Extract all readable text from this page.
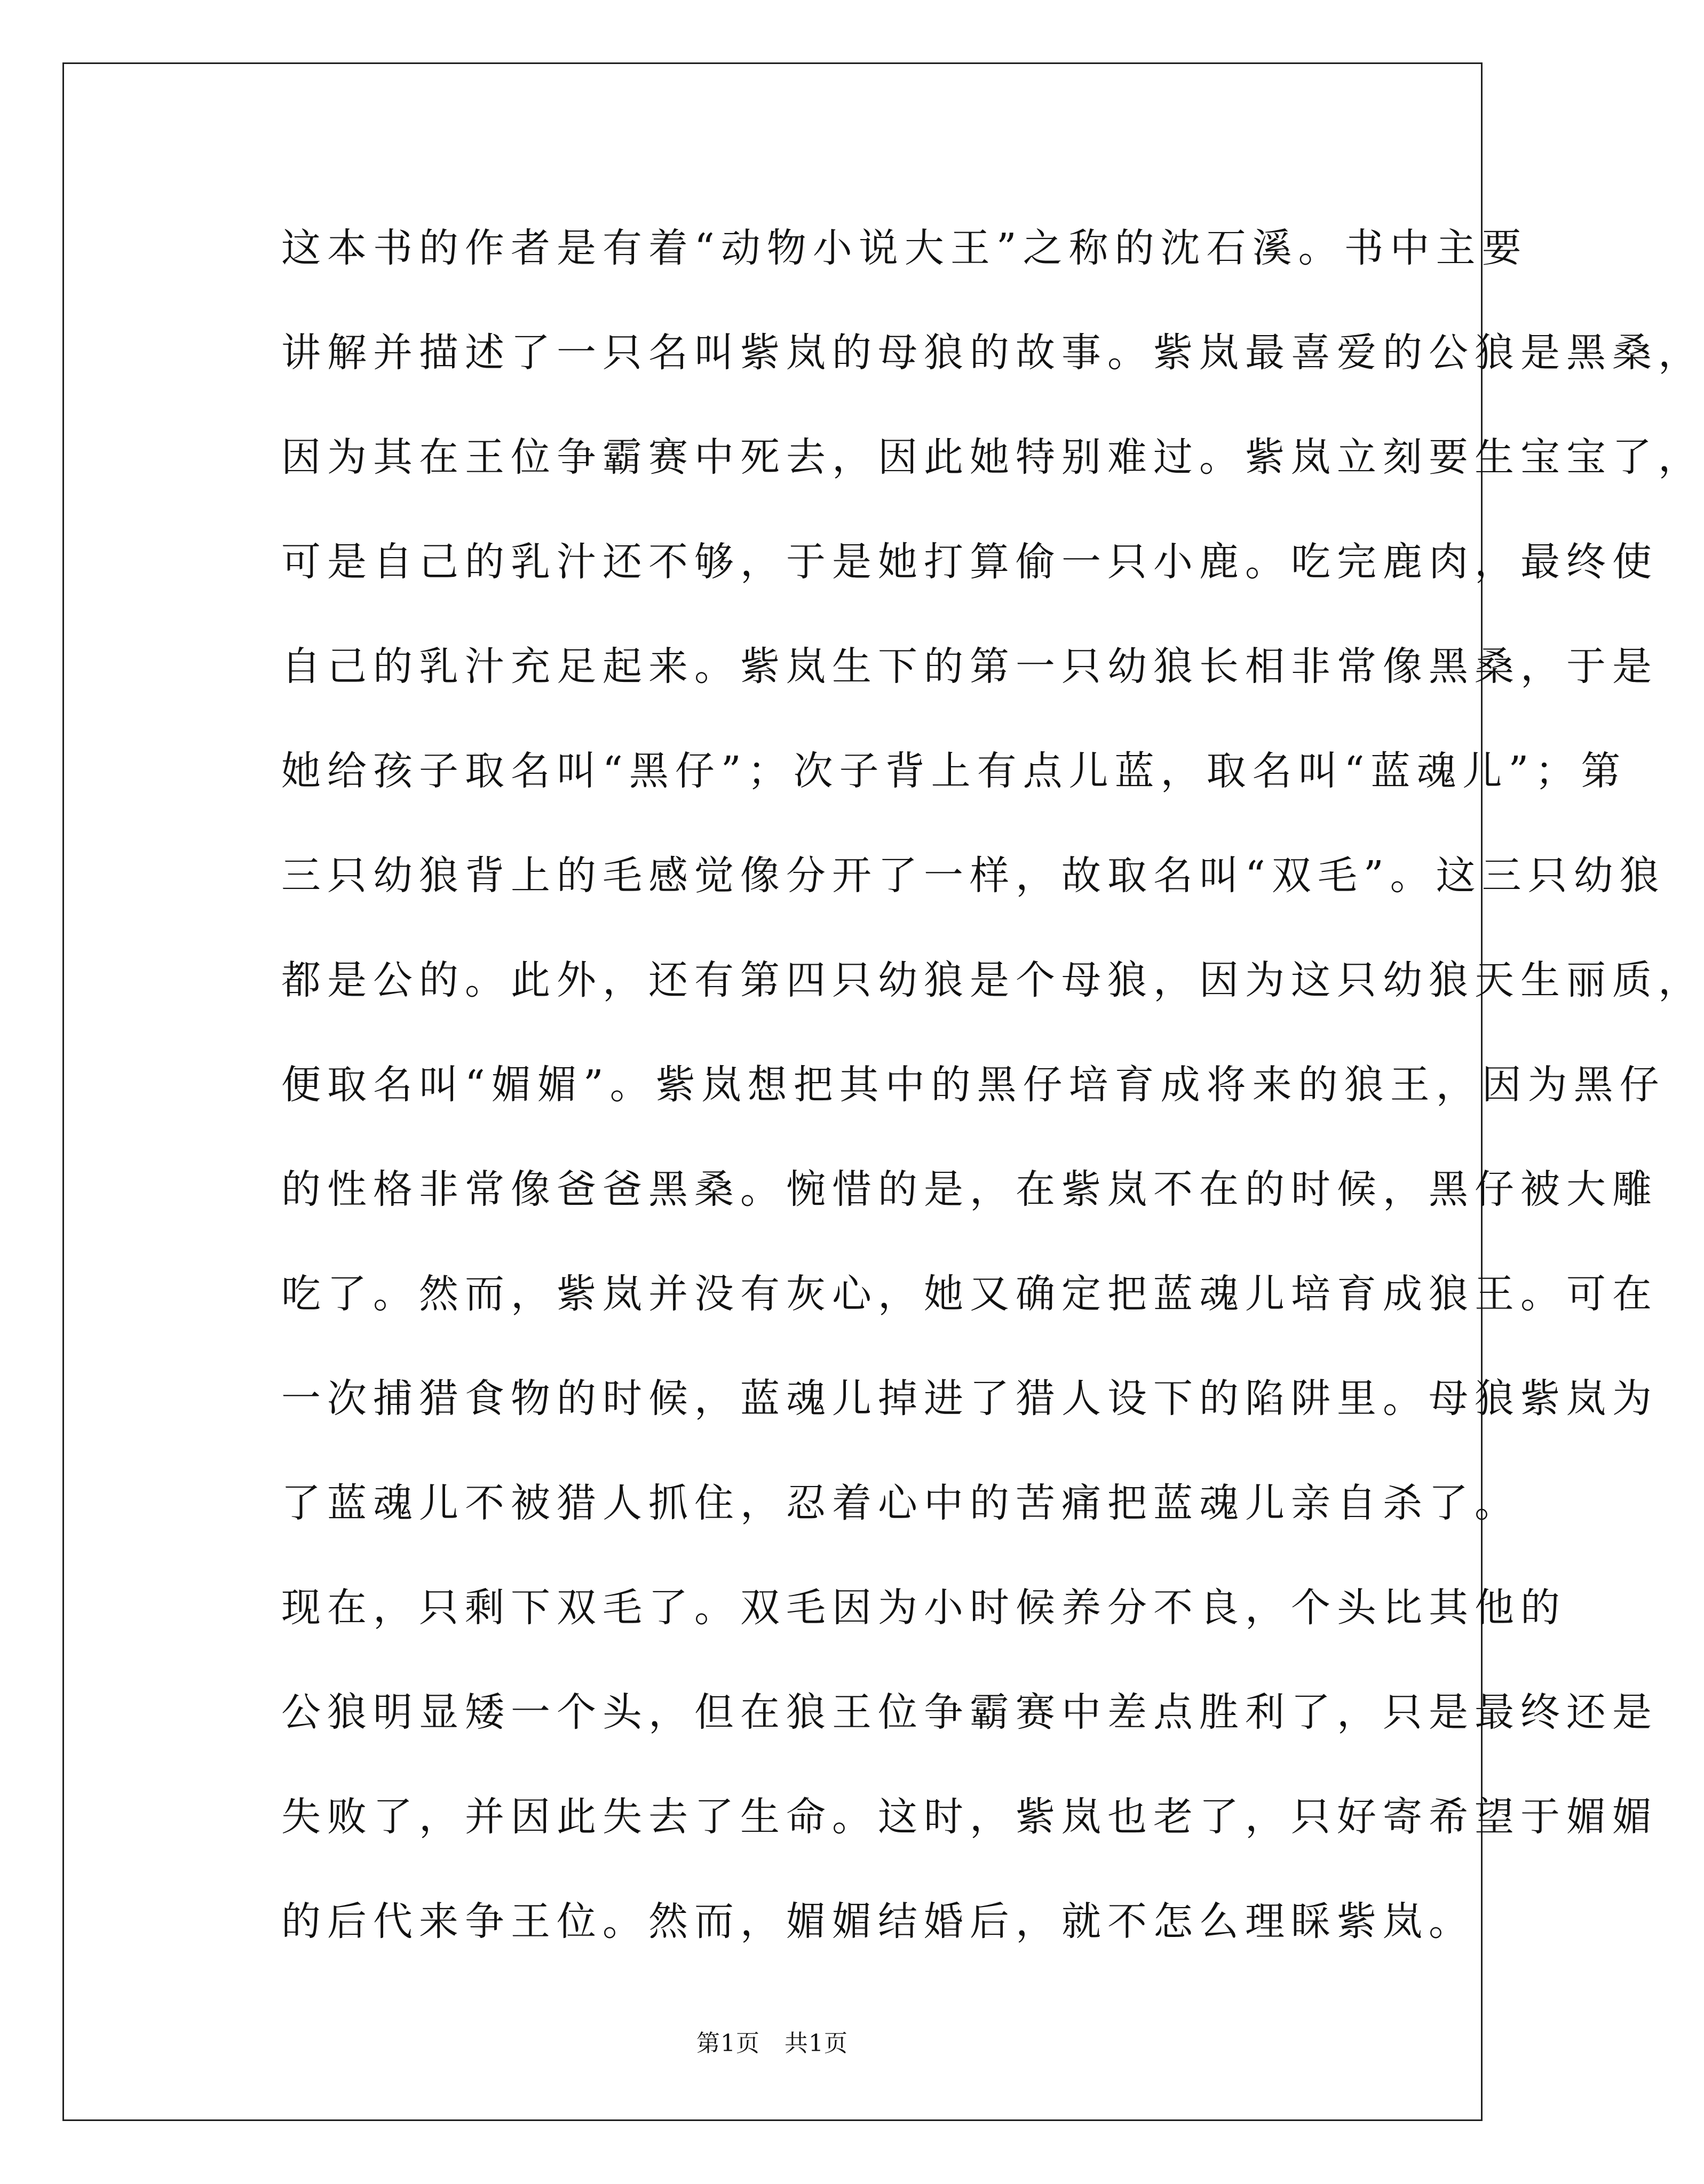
这本书的作者是有着“动物小说大王”之称的沈石溪。书中主要
讲解并描述了一只名叫紫岚的母狼的故事。紫岚最喜爱的公狼是黑桑，
因为其在王位争霸赛中死去，因此她特别难过。紫岚立刻要生宝宝了，
可是自己的乳汁还不够，于是她打算偷一只小鹿。吃完鹿肉，最终使
自己的乳汁充足起来。紫岚生下的第一只幼狼长相非常像黑桑，于是
她给孩子取名叫“黑仔”；次子背上有点儿蓝，取名叫“蓝魂儿”；第
三只幼狼背上的毛感觉像分开了一样，故取名叫“双毛”。这三只幼狼
都是公的。此外，还有第四只幼狼是个母狼，因为这只幼狼天生丽质，
便取名叫“媚媚”。紫岚想把其中的黑仔培育成将来的狼王，因为黑仔
的性格非常像爸爸黑桑。惋惜的是，在紫岚不在的时候，黑仔被大雕
吃了。然而，紫岚并没有灰心，她又确定把蓝魂儿培育成狼王。可在
一次捕猎食物的时候，蓝魂儿掉进了猎人设下的陷阱里。母狼紫岚为
了蓝魂儿不被猎人抓住，忍着心中的苦痛把蓝魂儿亲自杀了。

现在，只剩下双毛了。双毛因为小时候养分不良，个头比其他的
公狼明显矮一个头，但在狼王位争霸赛中差点胜利了，只是最终还是
失败了，并因此失去了生命。这时，紫岚也老了，只好寄希望于媚媚
的后代来争王位。然而，媚媚结婚后，就不怎么理睬紫岚。

第1页 共1页
